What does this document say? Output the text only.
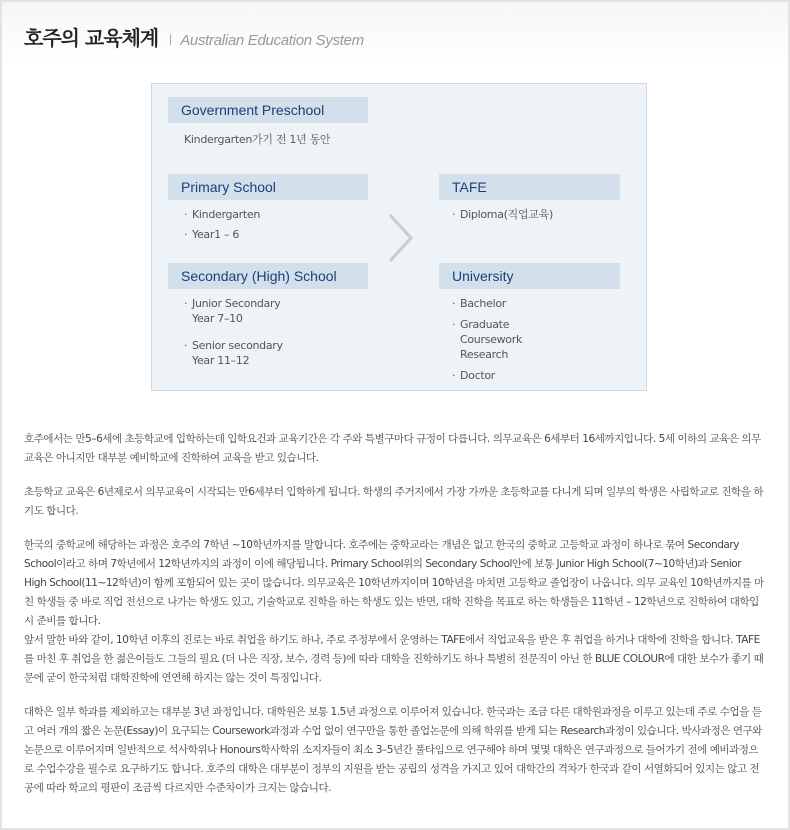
호주의 교육체계 Australian Education System
Government Preschool
Kindergarten가기 전 1년 동안
Primary School
· Kindergarten
· Year1 – 6
Secondary (High) School
· Junior Secondary
Year 7–10
· Senior secondary
Year 11–12
TAFE
· Diploma(직업교육)
University
· Bachelor
· Graduate
Coursework
Research
· Doctor

호주에서는 만5–6세에 초등학교에 입학하는데 입학요건과 교육기간은 각 주와 특별구마다 규정이 다릅니다. 의무교육은 6세부터 16세까지입니다. 5세 이하의 교육은 의무교육은 아니지만 대부분 예비학교에 진학하여 교육을 받고 있습니다.

초등학교 교육은 6년제로서 의무교육이 시작되는 만6세부터 입학하게 됩니다. 학생의 주거지에서 가장 가까운 초등학교를 다니게 되며 일부의 학생은 사립학교로 진학을 하기도 합니다.

한국의 중학교에 해당하는 과정은 호주의 7학년 ~10학년까지를 말합니다. 호주에는 중학교라는 개념은 없고 한국의 중학교 고등학교 과정이 하나로 묶여 Secondary School이라고 하며 7학년에서 12학년까지의 과정이 이에 해당됩니다. Primary School위의 Secondary School안에 보통 Junior High School(7~10학년)과 Senior High School(11~12학년)이 함께 포함되어 있는 곳이 많습니다. 의무교육은 10학년까지이며 10학년을 마치면 고등학교 졸업장이 나옵니다. 의무 교육인 10학년까지를 마친 학생들 중 바로 직업 전선으로 나가는 학생도 있고, 기술학교로 진학을 하는 학생도 있는 반면, 대학 진학을 목표로 하는 학생들은 11학년 – 12학년으로 진학하여 대학입시 준비를 합니다.

앞서 말한 바와 같이, 10학년 이후의 진로는 바로 취업을 하기도 하나, 주로 주정부에서 운영하는 TAFE에서 직업교육을 받은 후 취업을 하거나 대학에 진학을 합니다. TAFE를 마친 후 취업을 한 젊은이들도 그들의 필요 (더 나은 직장, 보수, 경력 등)에 따라 대학을 진학하기도 하나 특별히 전문직이 아닌 한 BLUE COLOUR에 대한 보수가 좋기 때문에 굳이 한국처럼 대학진학에 연연해 하지는 않는 것이 특징입니다.

대학은 일부 학과를 제외하고는 대부분 3년 과정입니다. 대학원은 보통 1.5년 과정으로 이루어져 있습니다. 한국과는 조금 다른 대학원과정을 이루고 있는데 주로 수업을 듣고 여러 개의 짧은 논문(Essay)이 요구되는 Coursework과정과 수업 없이 연구만을 통한 졸업논문에 의해 학위를 받게 되는 Research과정이 있습니다. 박사과정은 연구와 논문으로 이루어지며 일반적으로 석사학위나 Honours학사학위 소지자들이 최소 3–5년간 풀타임으로 연구해야 하며 몇몇 대학은 연구과정으로 들어가기 전에 예비과정으로 수업수강을 필수로 요구하기도 합니다. 호주의 대학은 대부분이 정부의 지원을 받는 공립의 성격을 가지고 있어 대학간의 격차가 한국과 같이 서열화되어 있지는 않고 전공에 따라 학교의 평판이 조금씩 다르지만 수준차이가 크지는 않습니다.
